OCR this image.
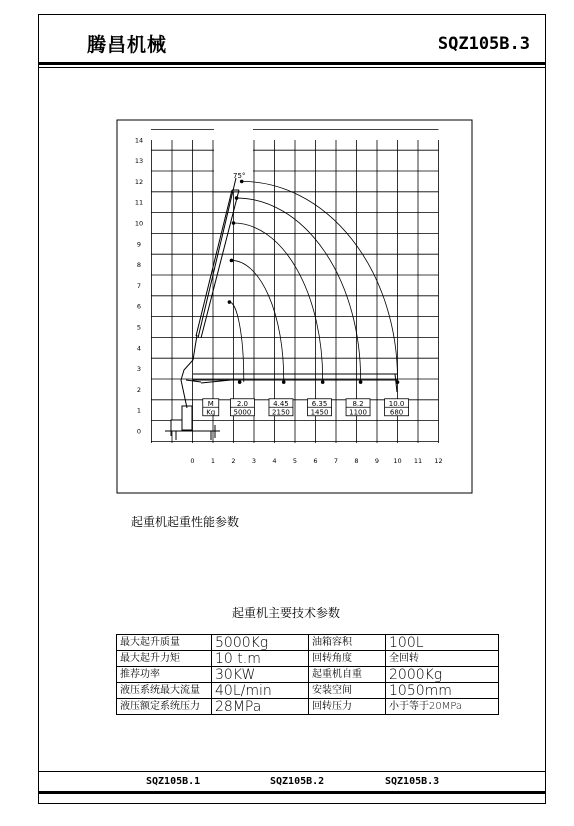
腾昌机械	SQZ105B.3
75°
0	1	2	3	4	5	6	7	8	9 10 11 12
0
1
2
3
4
5
6
7
8
9
10
11
12
13
14
M
Kg
2.0
5000
4.45
2150
6.35
1450
8.2
1100
10.0
680
起重机起重性能参数
起重机主要技术参数
最大起升质量	5000Kg	油箱容积	100L
最大起升力矩	10 t.m	回转角度	全回转
推荐功率	30KW	起重机自重	2000Kg
液压系统最大流量	40L/min	安装空间	1050mm
液压额定系统压力	28MPa	回转压力	小于等于20MPa
SQZ105B.1	SQZ105B.2	SQZ105B.3
